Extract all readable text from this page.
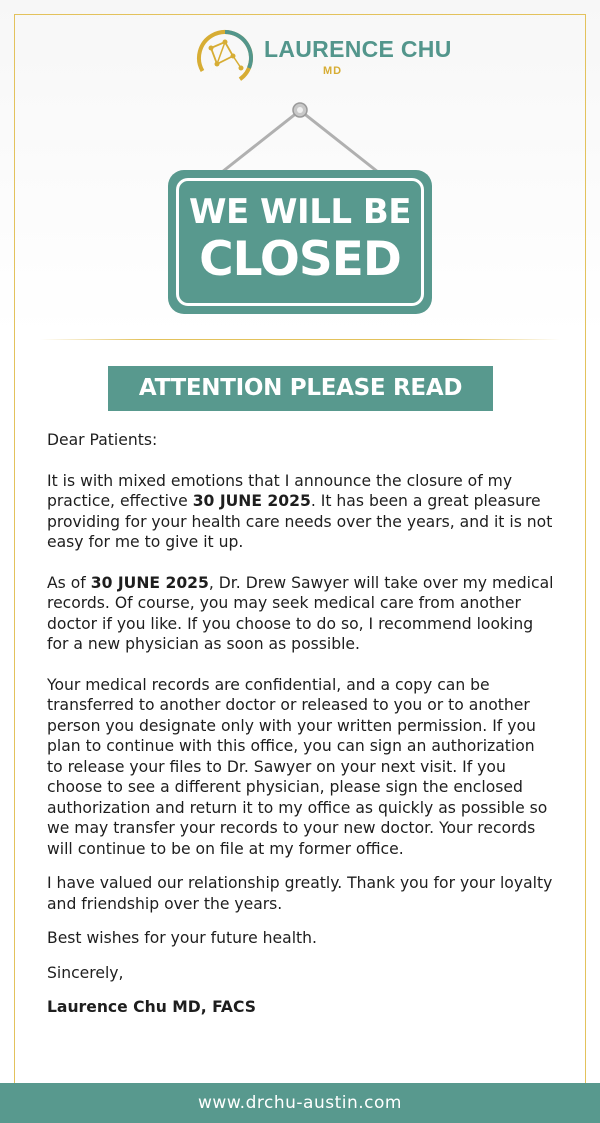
LAURENCE CHU
MD
WE WILL BE
CLOSED
ATTENTION PLEASE READ

Dear Patients:

It is with mixed emotions that I announce the closure of my practice, effective 30 JUNE 2025. It has been a great pleasure providing for your health care needs over the years, and it is not easy for me to give it up.

As of 30 JUNE 2025, Dr. Drew Sawyer will take over my medical records. Of course, you may seek medical care from another doctor if you like. If you choose to do so, I recommend looking for a new physician as soon as possible.

Your medical records are confidential, and a copy can be transferred to another doctor or released to you or to another person you designate only with your written permission. If you plan to continue with this office, you can sign an authorization to release your files to Dr. Sawyer on your next visit. If you choose to see a different physician, please sign the enclosed authorization and return it to my office as quickly as possible so we may transfer your records to your new doctor. Your records will continue to be on file at my former office.

I have valued our relationship greatly. Thank you for your loyalty and friendship over the years.

Best wishes for your future health.

Sincerely,

Laurence Chu MD, FACS

www.drchu-austin.com
